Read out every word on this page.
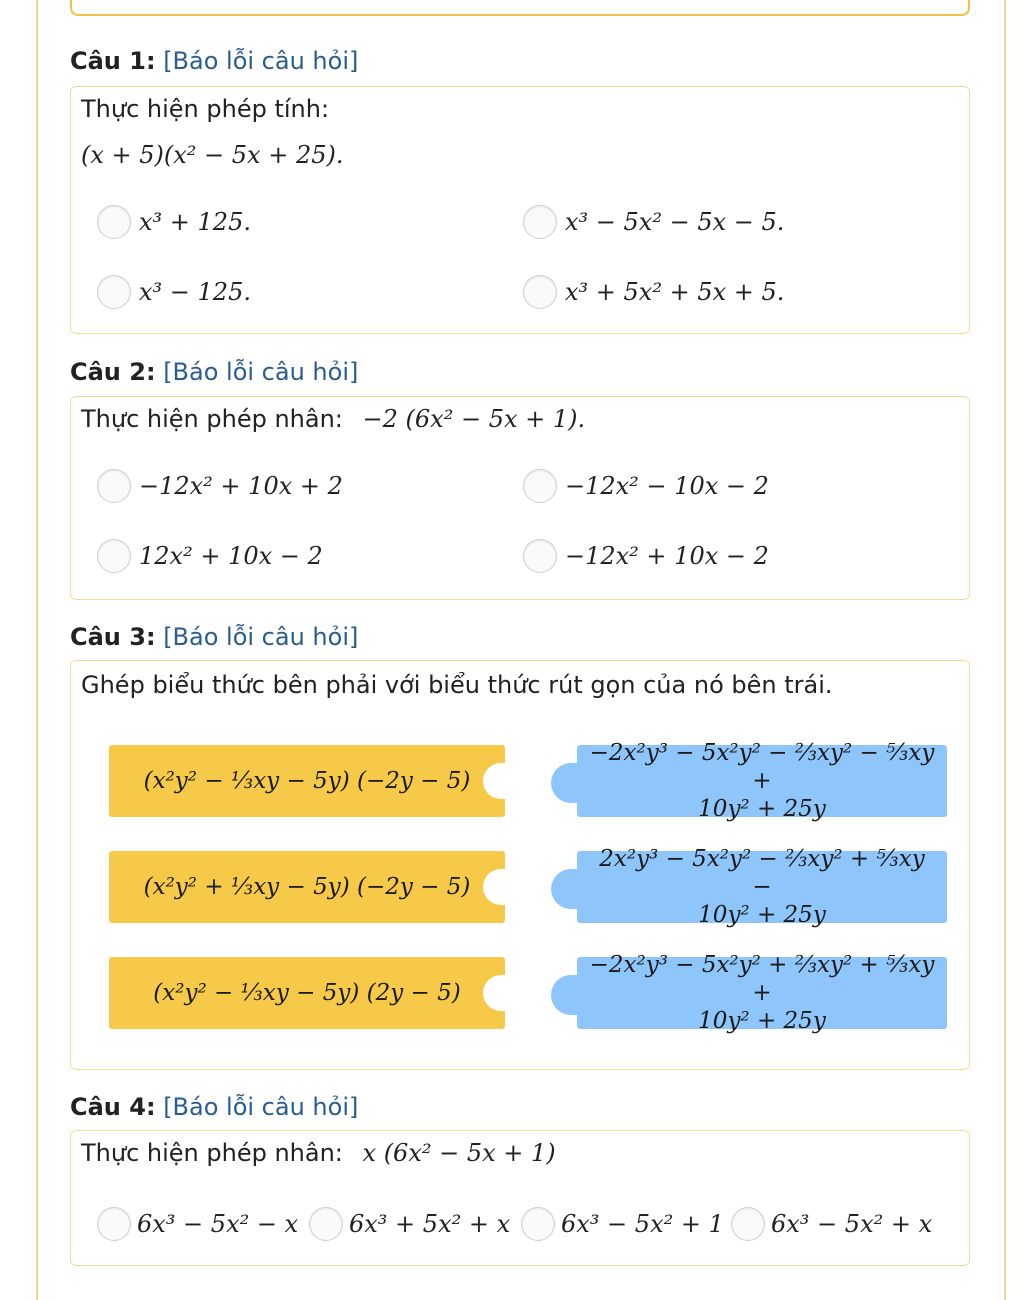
Câu 1: [Báo lỗi câu hỏi]
Thực hiện phép tính:
(x + 5)(x² − 5x + 25).
x³ + 125.	x³ − 5x² − 5x − 5.
x³ − 125.	x³ + 5x² + 5x + 5.
Câu 2: [Báo lỗi câu hỏi]
Thực hiện phép nhân: −2 (6x² − 5x + 1).
−12x² + 10x + 2	−12x² − 10x − 2
12x² + 10x − 2	−12x² + 10x − 2
Câu 3: [Báo lỗi câu hỏi]
Ghép biểu thức bên phải với biểu thức rút gọn của nó bên trái.
(x²y² − ⅓xy − 5y) (−2y − 5)
(x²y² + ⅓xy − 5y) (−2y − 5)
(x²y² − ⅓xy − 5y) (2y − 5)
−2x²y³ − 5x²y² − ⅔xy² − ⁵⁄₃xy +
10y² + 25y
2x²y³ − 5x²y² − ⅔xy² + ⁵⁄₃xy −
10y² + 25y
−2x²y³ − 5x²y² + ⅔xy² + ⁵⁄₃xy +
10y² + 25y
Câu 4: [Báo lỗi câu hỏi]
Thực hiện phép nhân: x (6x² − 5x + 1)
6x³ − 5x² − x 6x³ + 5x² + x 6x³ − 5x² + 1 6x³ − 5x² + x
